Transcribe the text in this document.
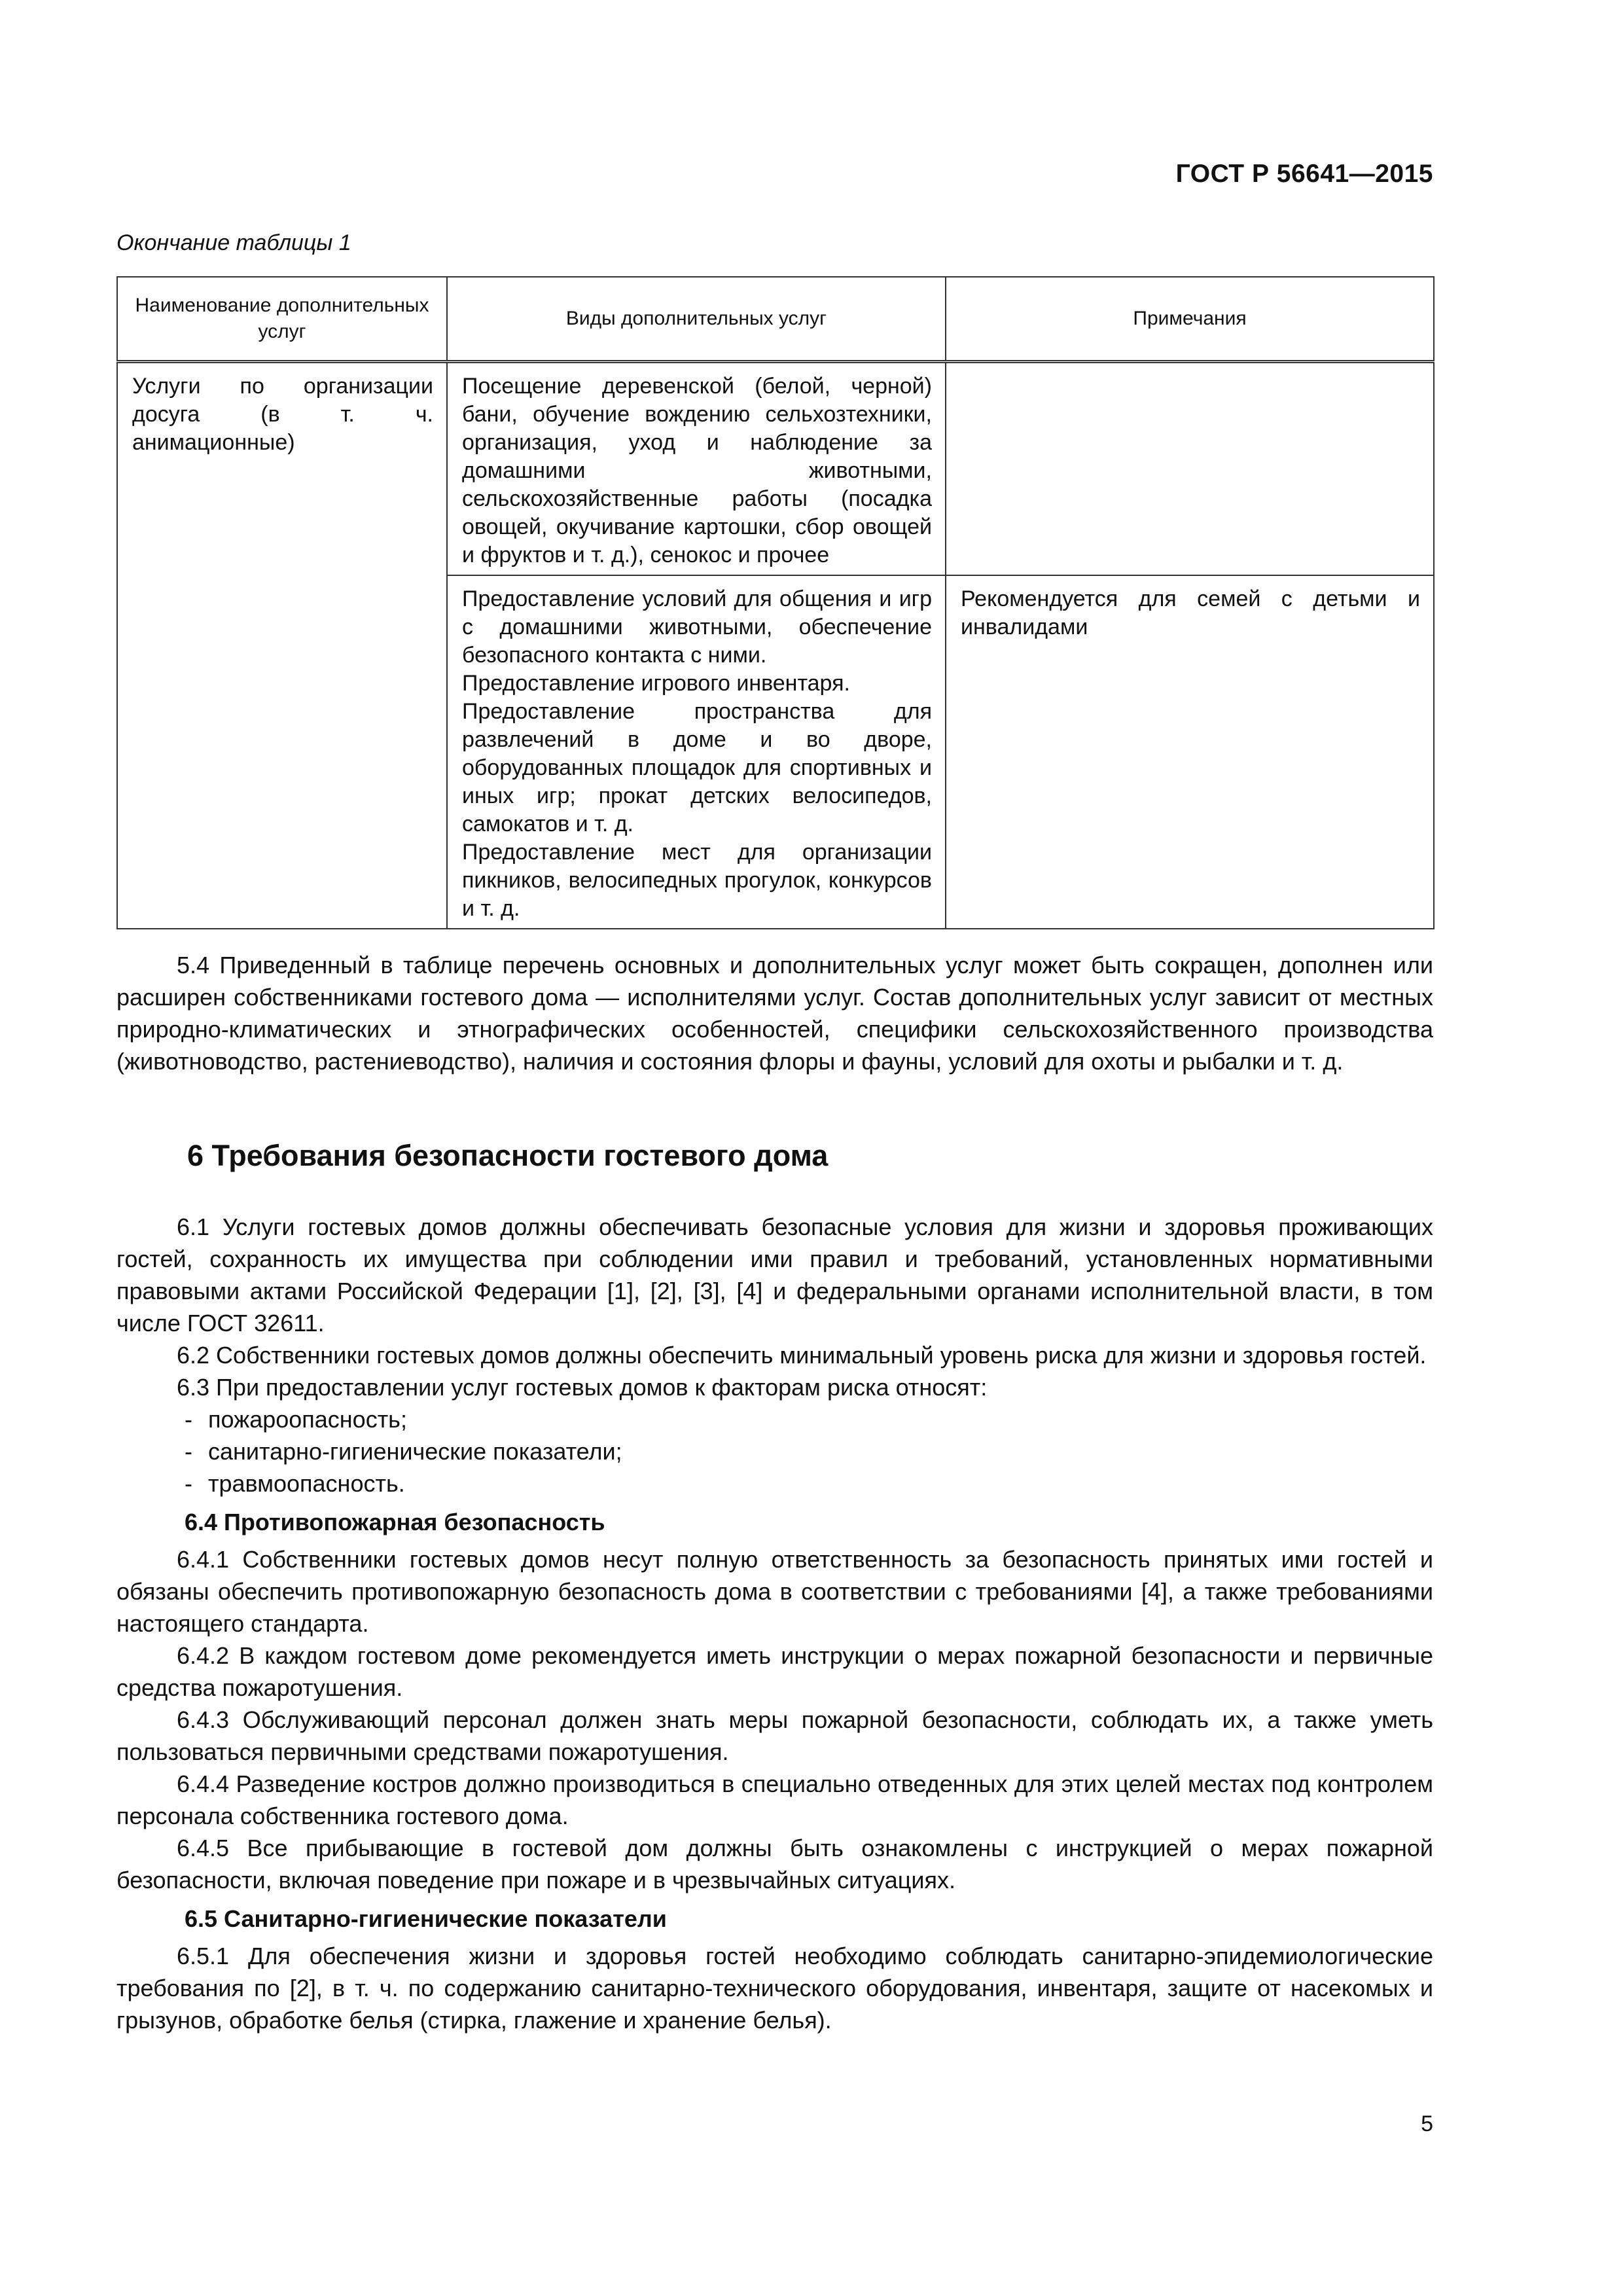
ГОСТ Р 56641—2015
Окончание таблицы 1
Наименование дополнительных услуг	Виды дополнительных услуг	Примечания
Услуги по организации досуга (в т. ч. анимационные)	Посещение деревенской (белой, черной) бани, обучение вождению сельхозтехники, организация, уход и наблюдение за домашними животными, сельскохозяйственные работы (посадка овощей, окучивание картошки, сбор овощей и фруктов и т. д.), сенокос и прочее	

	Предоставление условий для общения и игр с домашними животными, обеспечение безопасного контакта с ними.
Предоставление игрового инвентаря.
Предоставление пространства для развлечений в доме и во дворе, оборудованных площадок для спортивных и иных игр; прокат детских велосипедов, самокатов и т. д.
Предоставление мест для организации пикников, велосипедных прогулок, конкурсов и т. д.	Рекомендуется для семей с детьми и инвалидами

5.4 Приведенный в таблице перечень основных и дополнительных услуг может быть сокращен, дополнен или расширен собственниками гостевого дома — исполнителями услуг. Состав дополнительных услуг зависит от местных природно-климатических и этнографических особенностей, специфики сельскохозяйственного производства (животноводство, растениеводство), наличия и состояния флоры и фауны, условий для охоты и рыбалки и т. д.

6 Требования безопасности гостевого дома

6.1 Услуги гостевых домов должны обеспечивать безопасные условия для жизни и здоровья проживающих гостей, сохранность их имущества при соблюдении ими правил и требований, установленных нормативными правовыми актами Российской Федерации [1], [2], [3], [4] и федеральными органами исполнительной власти, в том числе ГОСТ 32611.

6.2 Собственники гостевых домов должны обеспечить минимальный уровень риска для жизни и здоровья гостей.

6.3 При предоставлении услуг гостевых домов к факторам риска относят:

- пожароопасность;

- санитарно-гигиенические показатели;

- травмоопасность.

6.4 Противопожарная безопасность

6.4.1 Собственники гостевых домов несут полную ответственность за безопасность принятых ими гостей и обязаны обеспечить противопожарную безопасность дома в соответствии с требованиями [4], а также требованиями настоящего стандарта.

6.4.2 В каждом гостевом доме рекомендуется иметь инструкции о мерах пожарной безопасности и первичные средства пожаротушения.

6.4.3 Обслуживающий персонал должен знать меры пожарной безопасности, соблюдать их, а также уметь пользоваться первичными средствами пожаротушения.

6.4.4 Разведение костров должно производиться в специально отведенных для этих целей местах под контролем персонала собственника гостевого дома.

6.4.5 Все прибывающие в гостевой дом должны быть ознакомлены с инструкцией о мерах пожарной безопасности, включая поведение при пожаре и в чрезвычайных ситуациях.

6.5 Санитарно-гигиенические показатели

6.5.1 Для обеспечения жизни и здоровья гостей необходимо соблюдать санитарно-эпидемиологические требования по [2], в т. ч. по содержанию санитарно-технического оборудования, инвентаря, защите от насекомых и грызунов, обработке белья (стирка, глажение и хранение белья).

5
